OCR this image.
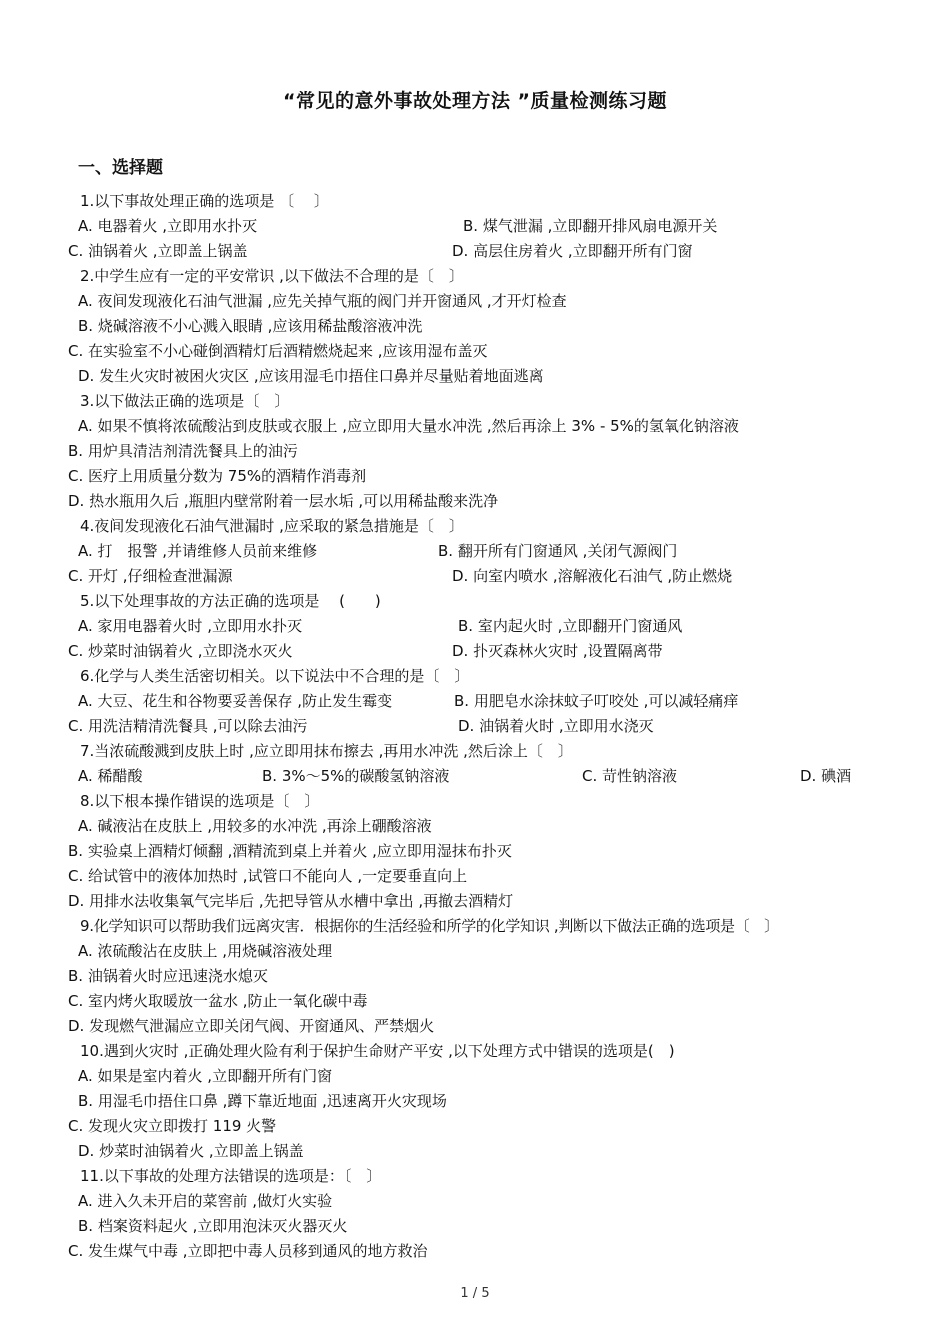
“常见的意外事故处理方法 ”质量检测练习题
一、选择题
1.以下事故处理正确的选项是 〔 　〕
A. 电器着火 ,立即用水扑灭	B. 煤气泄漏 ,立即翻开排风扇电源开关
C. 油锅着火 ,立即盖上锅盖	D. 高层住房着火 ,立即翻开所有门窗
2.中学生应有一定的平安常识 ,以下做法不合理的是〔　〕
A. 夜间发现液化石油气泄漏 ,应先关掉气瓶的阀门并开窗通风 ,才开灯检查
B. 烧碱溶液不小心溅入眼睛 ,应该用稀盐酸溶液冲洗
C. 在实验室不小心碰倒酒精灯后酒精燃烧起来 ,应该用湿布盖灭
D. 发生火灾时被困火灾区 ,应该用湿毛巾捂住口鼻并尽量贴着地面逃离
3.以下做法正确的选项是〔　〕
A. 如果不慎将浓硫酸沾到皮肤或衣服上 ,应立即用大量水冲洗 ,然后再涂上 3% - 5%的氢氧化钠溶液
B. 用炉具清洁剂清洗餐具上的油污
C. 医疗上用质量分数为 75%的酒精作消毒剂
D. 热水瓶用久后 ,瓶胆内壁常附着一层水垢 ,可以用稀盐酸来洗净
4.夜间发现液化石油气泄漏时 ,应采取的紧急措施是〔　〕
A. 打　报警 ,并请维修人员前来维修	B. 翻开所有门窗通风 ,关闭气源阀门
C. 开灯 ,仔细检查泄漏源	D. 向室内喷水 ,溶解液化石油气 ,防止燃烧
5.以下处理事故的方法正确的选项是 　(　　)
A. 家用电器着火时 ,立即用水扑灭	B. 室内起火时 ,立即翻开门窗通风
C. 炒菜时油锅着火 ,立即浇水灭火	D. 扑灭森林火灾时 ,设置隔离带
6.化学与人类生活密切相关。以下说法中不合理的是〔　〕
A. 大豆、花生和谷物要妥善保存 ,防止发生霉变	B. 用肥皂水涂抹蚊子叮咬处 ,可以减轻痛痒
C. 用洗洁精清洗餐具 ,可以除去油污	D. 油锅着火时 ,立即用水浇灭
7.当浓硫酸溅到皮肤上时 ,应立即用抹布擦去 ,再用水冲洗 ,然后涂上〔　〕
A. 稀醋酸	B. 3%～5%的碳酸氢钠溶液	C. 苛性钠溶液	D. 碘酒
8.以下根本操作错误的选项是〔　〕
A. 碱液沾在皮肤上 ,用较多的水冲洗 ,再涂上硼酸溶液
B. 实验桌上酒精灯倾翻 ,酒精流到桌上并着火 ,应立即用湿抹布扑灭
C. 给试管中的液体加热时 ,试管口不能向人 ,一定要垂直向上
D. 用排水法收集氧气完毕后 ,先把导管从水槽中拿出 ,再撤去酒精灯
9.化学知识可以帮助我们远离灾害．根据你的生活经验和所学的化学知识 ,判断以下做法正确的选项是〔　〕
A. 浓硫酸沾在皮肤上 ,用烧碱溶液处理
B. 油锅着火时应迅速浇水熄灭
C. 室内烤火取暖放一盆水 ,防止一氧化碳中毒
D. 发现燃气泄漏应立即关闭气阀、开窗通风、严禁烟火
10.遇到火灾时 ,正确处理火险有利于保护生命财产平安 ,以下处理方式中错误的选项是(　)
A. 如果是室内着火 ,立即翻开所有门窗
B. 用湿毛巾捂住口鼻 ,蹲下靠近地面 ,迅速离开火灾现场
C. 发现火灾立即拨打 119 火警
D. 炒菜时油锅着火 ,立即盖上锅盖
11.以下事故的处理方法错误的选项是：〔　〕
A. 进入久未开启的菜窖前 ,做灯火实验
B. 档案资料起火 ,立即用泡沫灭火器灭火
C. 发生煤气中毒 ,立即把中毒人员移到通风的地方救治
1 / 5
